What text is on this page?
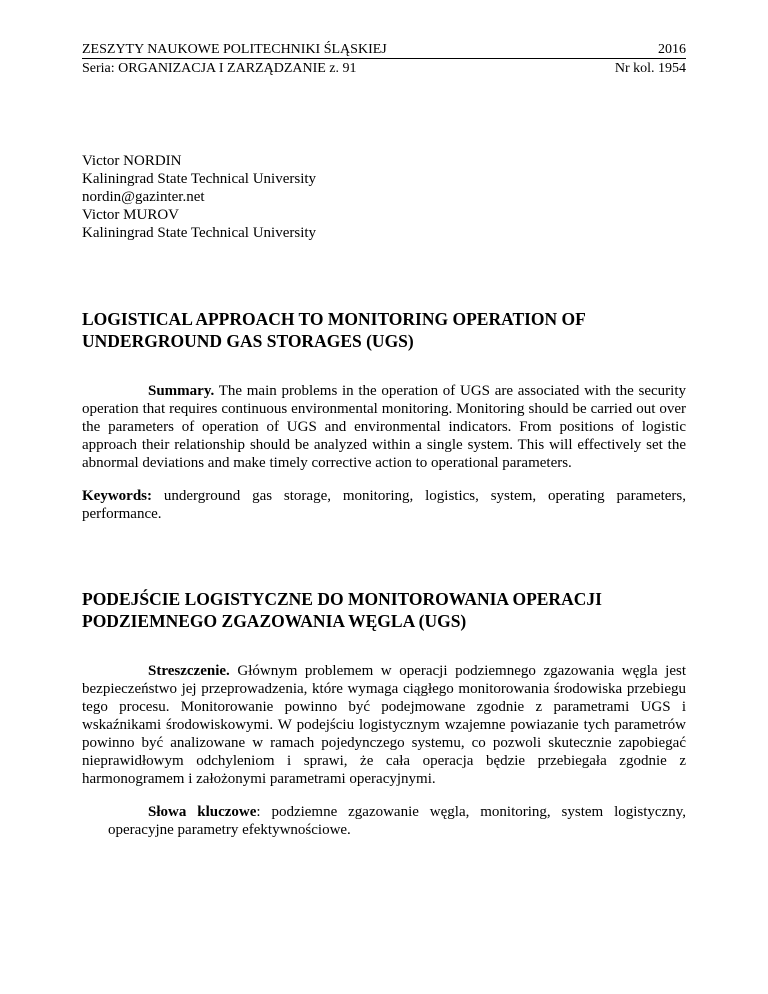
ZESZYTY NAUKOWE POLITECHNIKI ŚLĄSKIEJ	2016
Seria: ORGANIZACJA I ZARZĄDZANIE z. 91	Nr kol. 1954
Victor NORDIN
Kaliningrad State Technical University
nordin@gazinter.net
Victor MUROV
Kaliningrad State Technical University
LOGISTICAL APPROACH TO MONITORING OPERATION OF UNDERGROUND GAS STORAGES (UGS)

Summary. The main problems in the operation of UGS are associated with the security operation that requires continuous environmental monitoring. Monitoring should be carried out over the parameters of operation of UGS and environmental indicators. From positions of logistic approach their relationship should be analyzed within a single system. This will effectively set the abnormal deviations and make timely corrective action to operational parameters.

Keywords: underground gas storage, monitoring, logistics, system, operating parameters, performance.

PODEJŚCIE LOGISTYCZNE DO MONITOROWANIA OPERACJI PODZIEMNEGO ZGAZOWANIA WĘGLA (UGS)

Streszczenie. Głównym problemem w operacji podziemnego zgazowania węgla jest bezpieczeństwo jej przeprowadzenia, które wymaga ciągłego monitorowania środowiska przebiegu tego procesu. Monitorowanie powinno być podejmowane zgodnie z parametrami UGS i wskaźnikami środowiskowymi. W podejściu logistycznym wzajemne powiazanie tych parametrów powinno być analizowane w ramach pojedynczego systemu, co pozwoli skutecznie zapobiegać nieprawidłowym odchyleniom i sprawi, że cała operacja będzie przebiegała zgodnie z harmonogramem i założonymi parametrami operacyjnymi.

Słowa kluczowe: podziemne zgazowanie węgla, monitoring, system logistyczny, operacyjne parametry efektywnościowe.
